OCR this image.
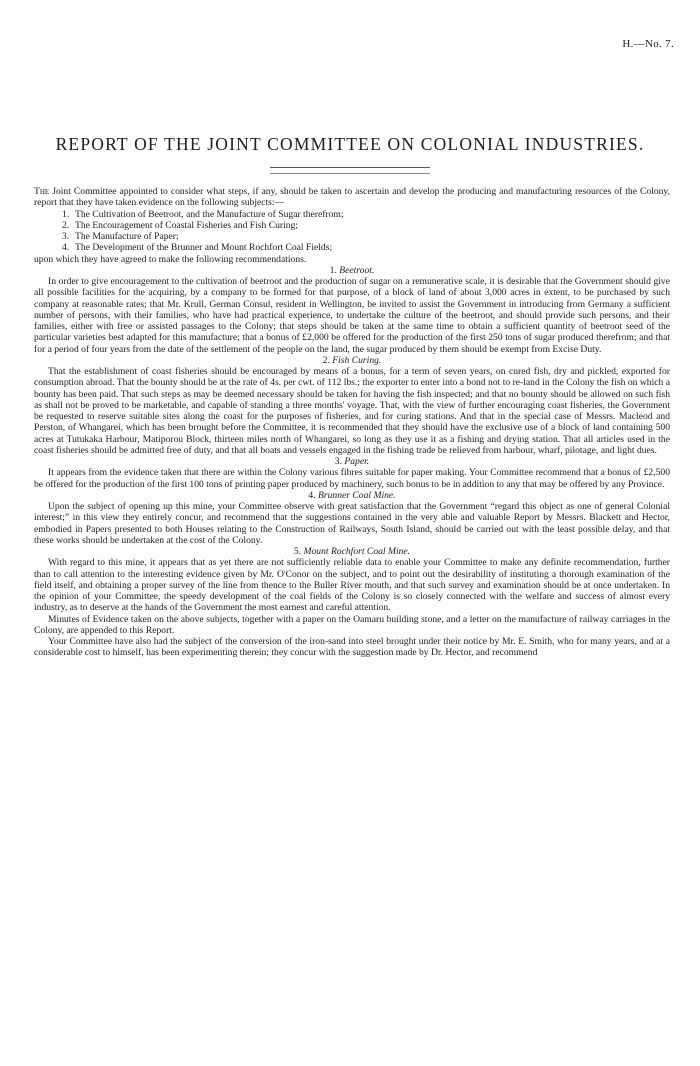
H.—No. 7.
REPORT OF THE JOINT COMMITTEE ON COLONIAL INDUSTRIES.

The Joint Committee appointed to consider what steps, if any, should be taken to ascertain and develop the producing and manufacturing resources of the Colony, report that they have taken evidence on the following subjects:—

1. The Cultivation of Beetroot, and the Manufacture of Sugar therefrom;
2. The Encouragement of Coastal Fisheries and Fish Curing;
3. The Manufacture of Paper;
4. The Development of the Brunner and Mount Rochfort Coal Fields;

upon which they have agreed to make the following recommendations.

1. Beetroot.

In order to give encouragement to the cultivation of beetroot and the production of sugar on a remunerative scale, it is desirable that the Government should give all possible facilities for the acquiring, by a company to be formed for that purpose, of a block of land of about 3,000 acres in extent, to be purchased by such company at reasonable rates; that Mr. Krull, German Consul, resident in Wellington, be invited to assist the Government in introducing from Germany a sufficient number of persons, with their families, who have had practical experience, to undertake the culture of the beetroot, and should provide such persons, and their families, either with free or assisted passages to the Colony; that steps should be taken at the same time to obtain a sufficient quantity of beetroot seed of the particular varieties best adapted for this manufacture; that a bonus of £2,000 be offered for the production of the first 250 tons of sugar produced therefrom; and that for a period of four years from the date of the settlement of the people on the land, the sugar produced by them should be exempt from Excise Duty.

2. Fish Curing.

That the establishment of coast fisheries should be encouraged by means of a bonus, for a term of seven years, on cured fish, dry and pickled, exported for consumption abroad. That the bounty should be at the rate of 4s. per cwt. of 112 lbs.; the exporter to enter into a bond not to re-land in the Colony the fish on which a bounty has been paid. That such steps as may be deemed necessary should be taken for having the fish inspected; and that no bounty should be allowed on such fish as shall not be proved to be marketable, and capable of standing a three months' voyage. That, with the view of further encouraging coast fisheries, the Government be requested to reserve suitable sites along the coast for the purposes of fisheries, and for curing stations. And that in the special case of Messrs. Macleod and Perston, of Whangarei, which has been brought before the Committee, it is recommended that they should have the exclusive use of a block of land containing 500 acres at Tutukaka Harbour, Matiporou Block, thirteen miles north of Whangarei, so long as they use it as a fishing and drying station. That all articles used in the coast fisheries should be admitted free of duty, and that all boats and vessels engaged in the fishing trade be relieved from harbour, wharf, pilotage, and light dues.

3. Paper.

It appears from the evidence taken that there are within the Colony various fibres suitable for paper making. Your Committee recommend that a bonus of £2,500 be offered for the production of the first 100 tons of printing paper produced by machinery, such bonus to be in addition to any that may be offered by any Province.

4. Brunner Coal Mine.

Upon the subject of opening up this mine, your Committee observe with great satisfaction that the Government “regard this object as one of general Colonial interest;” in this view they entirely concur, and recommend that the suggestions contained in the very able and valuable Report by Messrs. Blackett and Hector, embodied in Papers presented to both Houses relating to the Construction of Railways, South Island, should be carried out with the least possible delay, and that these works should be undertaken at the cost of the Colony.

5. Mount Rochfort Coal Mine.

With regard to this mine, it appears that as yet there are not sufficiently reliable data to enable your Committee to make any definite recommendation, further than to call attention to the interesting evidence given by Mr. O'Conor on the subject, and to point out the desirability of instituting a thorough examination of the field itself, and obtaining a proper survey of the line from thence to the Buller River mouth, and that such survey and examination should be at once undertaken. In the opinion of your Committee, the speedy development of the coal fields of the Colony is so closely connected with the welfare and success of almost every industry, as to deserve at the hands of the Government the most earnest and careful attention.

Minutes of Evidence taken on the above subjects, together with a paper on the Oamaru building stone, and a letter on the manufacture of railway carriages in the Colony, are appended to this Report.

Your Committee have also had the subject of the conversion of the iron-sand into steel brought under their notice by Mr. E. Smith, who for many years, and at a considerable cost to himself, has been experimenting therein; they concur with the suggestion made by Dr. Hector, and recommend
